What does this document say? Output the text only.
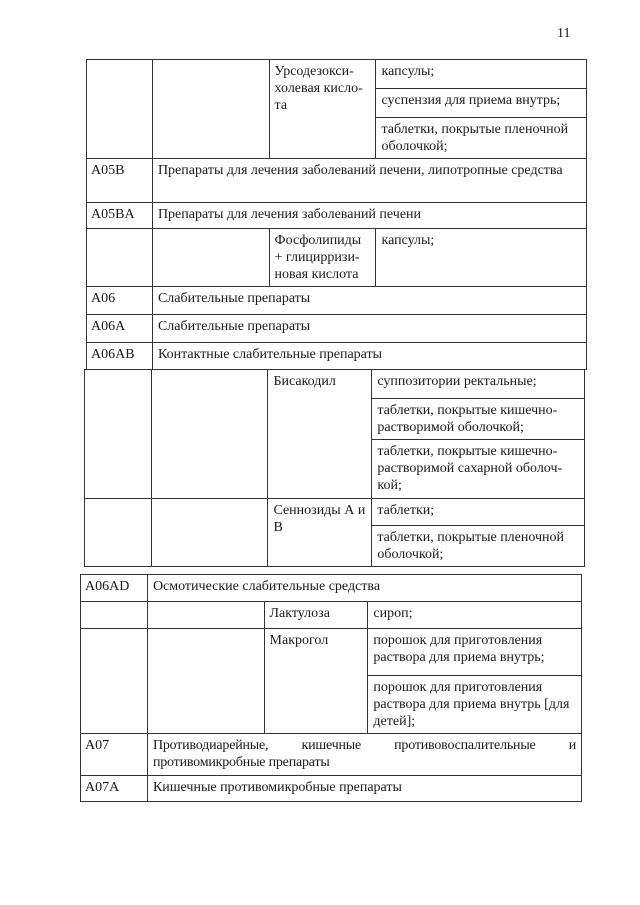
11
		Урсодезокси-
холевая кисло-
та	капсулы;
			суспензия для приема внутрь;
			таблетки, покрытые пленочной оболочкой;
A05B	Препараты для лечения заболеваний печени, липотропные средства		
A05BA	Препараты для лечения заболеваний печени		
		Фосфолипиды + глицирризи-
новая кислота	капсулы;
A06	Слабительные препараты		
A06A	Слабительные препараты		
A06AB	Контактные слабительные препараты		
		Бисакодил	суппозитории ректальные;
			таблетки, покрытые кишечно-
растворимой оболочкой;
			таблетки, покрытые кишечно-
растворимой сахарной оболоч-
кой;
		Сеннозиды А и В	таблетки;
			таблетки, покрытые пленочной оболочкой;
A06AD	Осмотические слабительные средства		
		Лактулоза	сироп;
		Макрогол	порошок для приготовления раствора для приема внутрь;
			порошок для приготовления раствора для приема внутрь [для детей];
A07	Противодиарейные, кишечные противовоспалительные и противомикробные препараты		
A07A	Кишечные противомикробные препараты		
